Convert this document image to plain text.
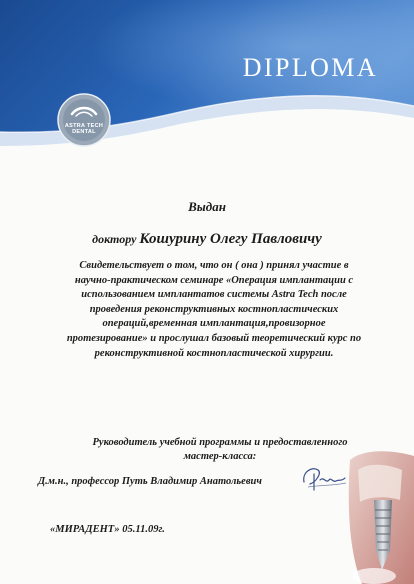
ASTRA TECH DENTAL
DIPLOMA
Выдан
доктору Кошурину Олегу Павловичу
Свидетельствует о том, что он ( она ) принял участие в
научно-практическом семинаре «Операция имплантации с
использованием имплантатов системы Astra Tech после
проведения реконструктивных костнопластических
операций,временная имплантация,провизорное
протезирование» и прослушал базовый теоретический курс по
реконструктивной костнопластической хирургии.
Руководитель учебной программы и предоставленного
мастер-класса:
Д.м.н., профессор Путь Владимир Анатольевич
«МИРАДЕНТ» 05.11.09г.
